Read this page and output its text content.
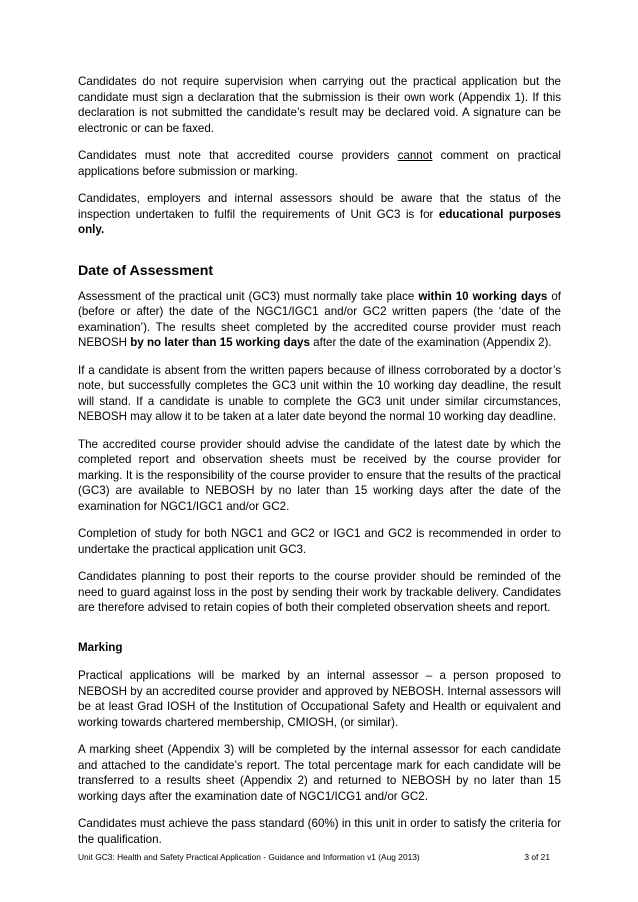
Candidates do not require supervision when carrying out the practical application but the candidate must sign a declaration that the submission is their own work (Appendix 1). If this declaration is not submitted the candidate’s result may be declared void. A signature can be electronic or can be faxed.

Candidates must note that accredited course providers cannot comment on practical applications before submission or marking.

Candidates, employers and internal assessors should be aware that the status of the inspection undertaken to fulfil the requirements of Unit GC3 is for educational purposes only.

Date of Assessment

Assessment of the practical unit (GC3) must normally take place within 10 working days of (before or after) the date of the NGC1/IGC1 and/or GC2 written papers (the ‘date of the examination’). The results sheet completed by the accredited course provider must reach NEBOSH by no later than 15 working days after the date of the examination (Appendix 2).

If a candidate is absent from the written papers because of illness corroborated by a doctor’s note, but successfully completes the GC3 unit within the 10 working day deadline, the result will stand. If a candidate is unable to complete the GC3 unit under similar circumstances, NEBOSH may allow it to be taken at a later date beyond the normal 10 working day deadline.

The accredited course provider should advise the candidate of the latest date by which the completed report and observation sheets must be received by the course provider for marking. It is the responsibility of the course provider to ensure that the results of the practical (GC3) are available to NEBOSH by no later than 15 working days after the date of the examination for NGC1/IGC1 and/or GC2.

Completion of study for both NGC1 and GC2 or IGC1 and GC2 is recommended in order to undertake the practical application unit GC3.

Candidates planning to post their reports to the course provider should be reminded of the need to guard against loss in the post by sending their work by trackable delivery. Candidates are therefore advised to retain copies of both their completed observation sheets and report.

Marking

Practical applications will be marked by an internal assessor – a person proposed to NEBOSH by an accredited course provider and approved by NEBOSH. Internal assessors will be at least Grad IOSH of the Institution of Occupational Safety and Health or equivalent and working towards chartered membership, CMIOSH, (or similar).

A marking sheet (Appendix 3) will be completed by the internal assessor for each candidate and attached to the candidate’s report. The total percentage mark for each candidate will be transferred to a results sheet (Appendix 2) and returned to NEBOSH by no later than 15 working days after the examination date of NGC1/ICG1 and/or GC2.

Candidates must achieve the pass standard (60%) in this unit in order to satisfy the criteria for the qualification.

Unit GC3: Health and Safety Practical Application - Guidance and Information v1 (Aug 2013)	3 of 21
